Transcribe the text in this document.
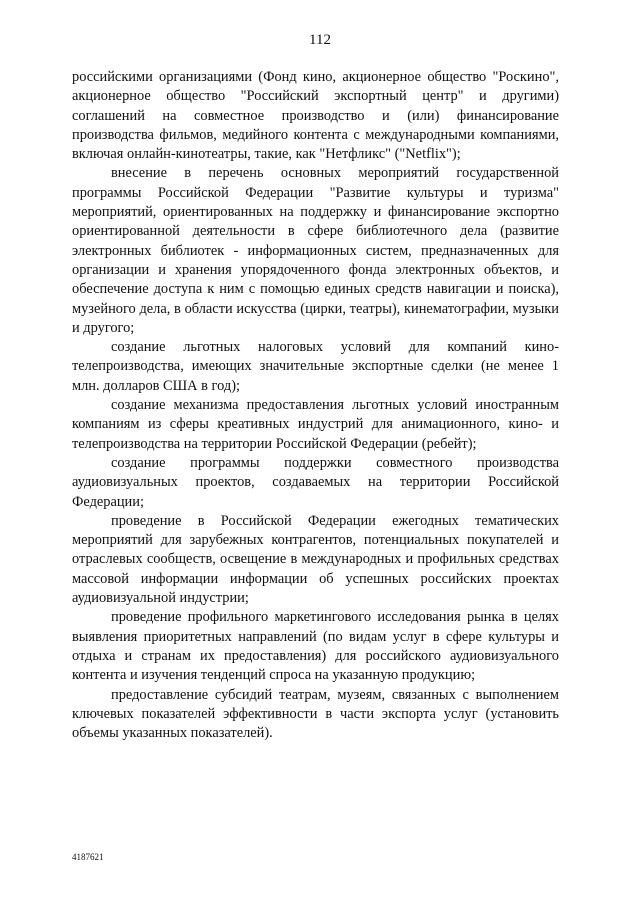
112

российскими организациями (Фонд кино, акционерное общество "Роскино", акционерное общество "Российский экспортный центр" и другими) соглашений на совместное производство и (или) финансирование производства фильмов, медийного контента с международными компаниями, включая онлайн-кинотеатры, такие, как "Нетфликс" ("Netflix");

внесение в перечень основных мероприятий государственной программы Российской Федерации "Развитие культуры и туризма" мероприятий, ориентированных на поддержку и финансирование экспортно ориентированной деятельности в сфере библиотечного дела (развитие электронных библиотек - информационных систем, предназначенных для организации и хранения упорядоченного фонда электронных объектов, и обеспечение доступа к ним с помощью единых средств навигации и поиска), музейного дела, в области искусства (цирки, театры), кинематографии, музыки и другого;

создание льготных налоговых условий для компаний кино-телепроизводства, имеющих значительные экспортные сделки (не менее 1 млн. долларов США в год);

создание механизма предоставления льготных условий иностранным компаниям из сферы креативных индустрий для анимационного, кино- и телепроизводства на территории Российской Федерации (ребейт);

создание программы поддержки совместного производства аудиовизуальных проектов, создаваемых на территории Российской Федерации;

проведение в Российской Федерации ежегодных тематических мероприятий для зарубежных контрагентов, потенциальных покупателей и отраслевых сообществ, освещение в международных и профильных средствах массовой информации информации об успешных российских проектах аудиовизуальной индустрии;

проведение профильного маркетингового исследования рынка в целях выявления приоритетных направлений (по видам услуг в сфере культуры и отдыха и странам их предоставления) для российского аудиовизуального контента и изучения тенденций спроса на указанную продукцию;

предоставление субсидий театрам, музеям, связанных с выполнением ключевых показателей эффективности в части экспорта услуг (установить объемы указанных показателей).

4187621
